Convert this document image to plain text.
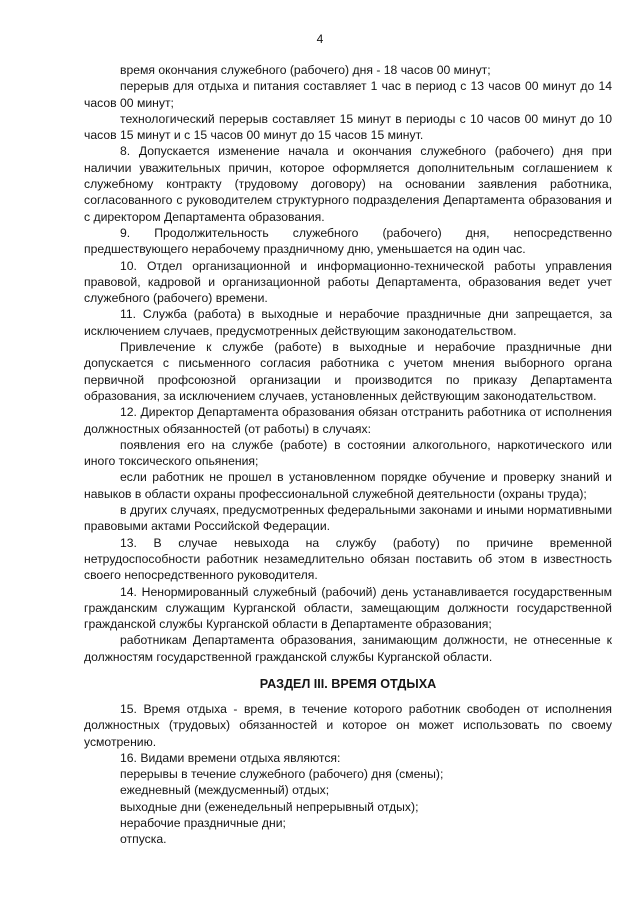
4

время окончания служебного (рабочего) дня - 18 часов 00 минут;

перерыв для отдыха и питания составляет 1 час в период с 13 часов 00 минут до 14 часов 00 минут;

технологический перерыв составляет 15 минут в периоды с 10 часов 00 минут до 10 часов 15 минут и с 15 часов 00 минут до 15 часов 15 минут.

8. Допускается изменение начала и окончания служебного (рабочего) дня при наличии уважительных причин, которое оформляется дополнительным соглашением к служебному контракту (трудовому договору) на основании заявления работника, согласованного с руководителем структурного подразделения Департамента образования и с директором Департамента образования.

9. Продолжительность служебного (рабочего) дня, непосредственно предшествующего нерабочему праздничному дню, уменьшается на один час.

10. Отдел организационной и информационно-технической работы управления правовой, кадровой и организационной работы Департамента, образования ведет учет служебного (рабочего) времени.

11. Служба (работа) в выходные и нерабочие праздничные дни запрещается, за исключением случаев, предусмотренных действующим законодательством.

Привлечение к службе (работе) в выходные и нерабочие праздничные дни допускается с письменного согласия работника с учетом мнения выборного органа первичной профсоюзной организации и производится по приказу Департамента образования, за исключением случаев, установленных действующим законодательством.

12. Директор Департамента образования обязан отстранить работника от исполнения должностных обязанностей (от работы) в случаях:

появления его на службе (работе) в состоянии алкогольного, наркотического или иного токсического опьянения;

если работник не прошел в установленном порядке обучение и проверку знаний и навыков в области охраны профессиональной служебной деятельности (охраны труда);

в других случаях, предусмотренных федеральными законами и иными нормативными правовыми актами Российской Федерации.

13. В случае невыхода на службу (работу) по причине временной нетрудоспособности работник незамедлительно обязан поставить об этом в известность своего непосредственного руководителя.

14. Ненормированный служебный (рабочий) день устанавливается государственным гражданским служащим Курганской области, замещающим должности государственной гражданской службы Курганской области в Департаменте образования;

работникам Департамента образования, занимающим должности, не отнесенные к должностям государственной гражданской службы Курганской области.

РАЗДЕЛ III. ВРЕМЯ ОТДЫХА

15. Время отдыха - время, в течение которого работник свободен от исполнения должностных (трудовых) обязанностей и которое он может использовать по своему усмотрению.

16. Видами времени отдыха являются:

перерывы в течение служебного (рабочего) дня (смены);

ежедневный (междусменный) отдых;

выходные дни (еженедельный непрерывный отдых);

нерабочие праздничные дни;

отпуска.
